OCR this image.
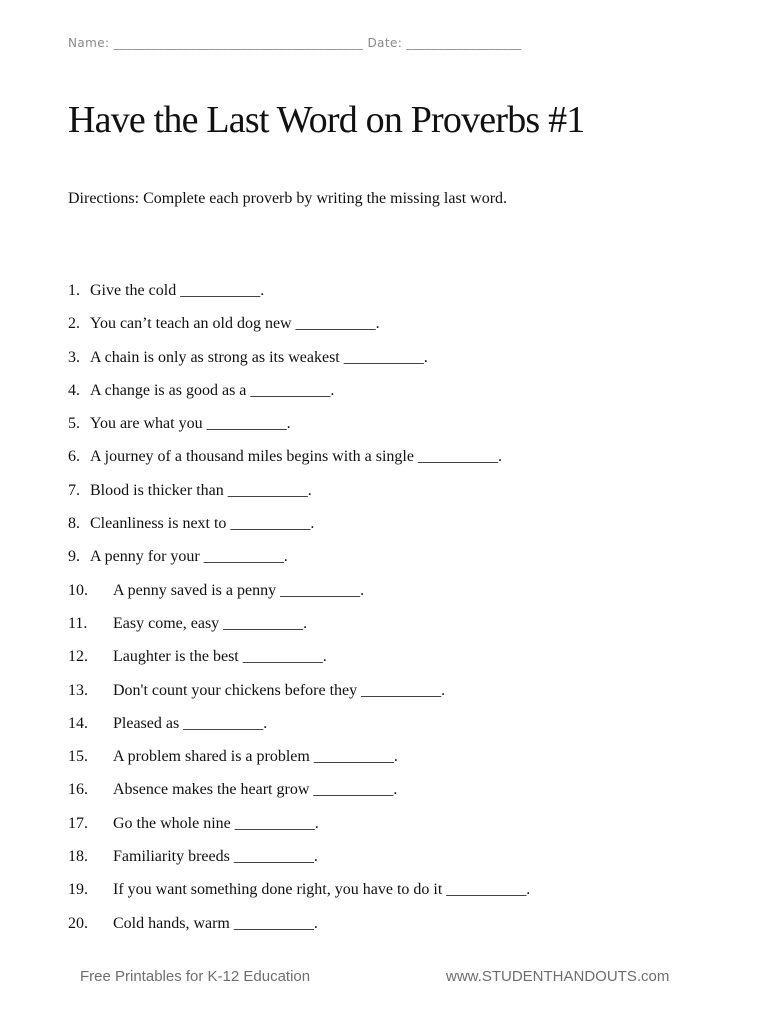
Name: _______________________________________ Date: __________________
Have the Last Word on Proverbs #1
Directions: Complete each proverb by writing the missing last word.
1. Give the cold __________.
2. You can’t teach an old dog new __________.
3. A chain is only as strong as its weakest __________.
4. A change is as good as a __________.
5. You are what you __________.
6. A journey of a thousand miles begins with a single __________.
7. Blood is thicker than __________.
8. Cleanliness is next to __________.
9. A penny for your __________.
10. A penny saved is a penny __________.
11. Easy come, easy __________.
12. Laughter is the best __________.
13. Don't count your chickens before they __________.
14. Pleased as __________.
15. A problem shared is a problem __________.
16. Absence makes the heart grow __________.
17. Go the whole nine __________.
18. Familiarity breeds __________.
19. If you want something done right, you have to do it __________.
20. Cold hands, warm __________.
Free Printables for K-12 Education	www.STUDENTHANDOUTS.com
